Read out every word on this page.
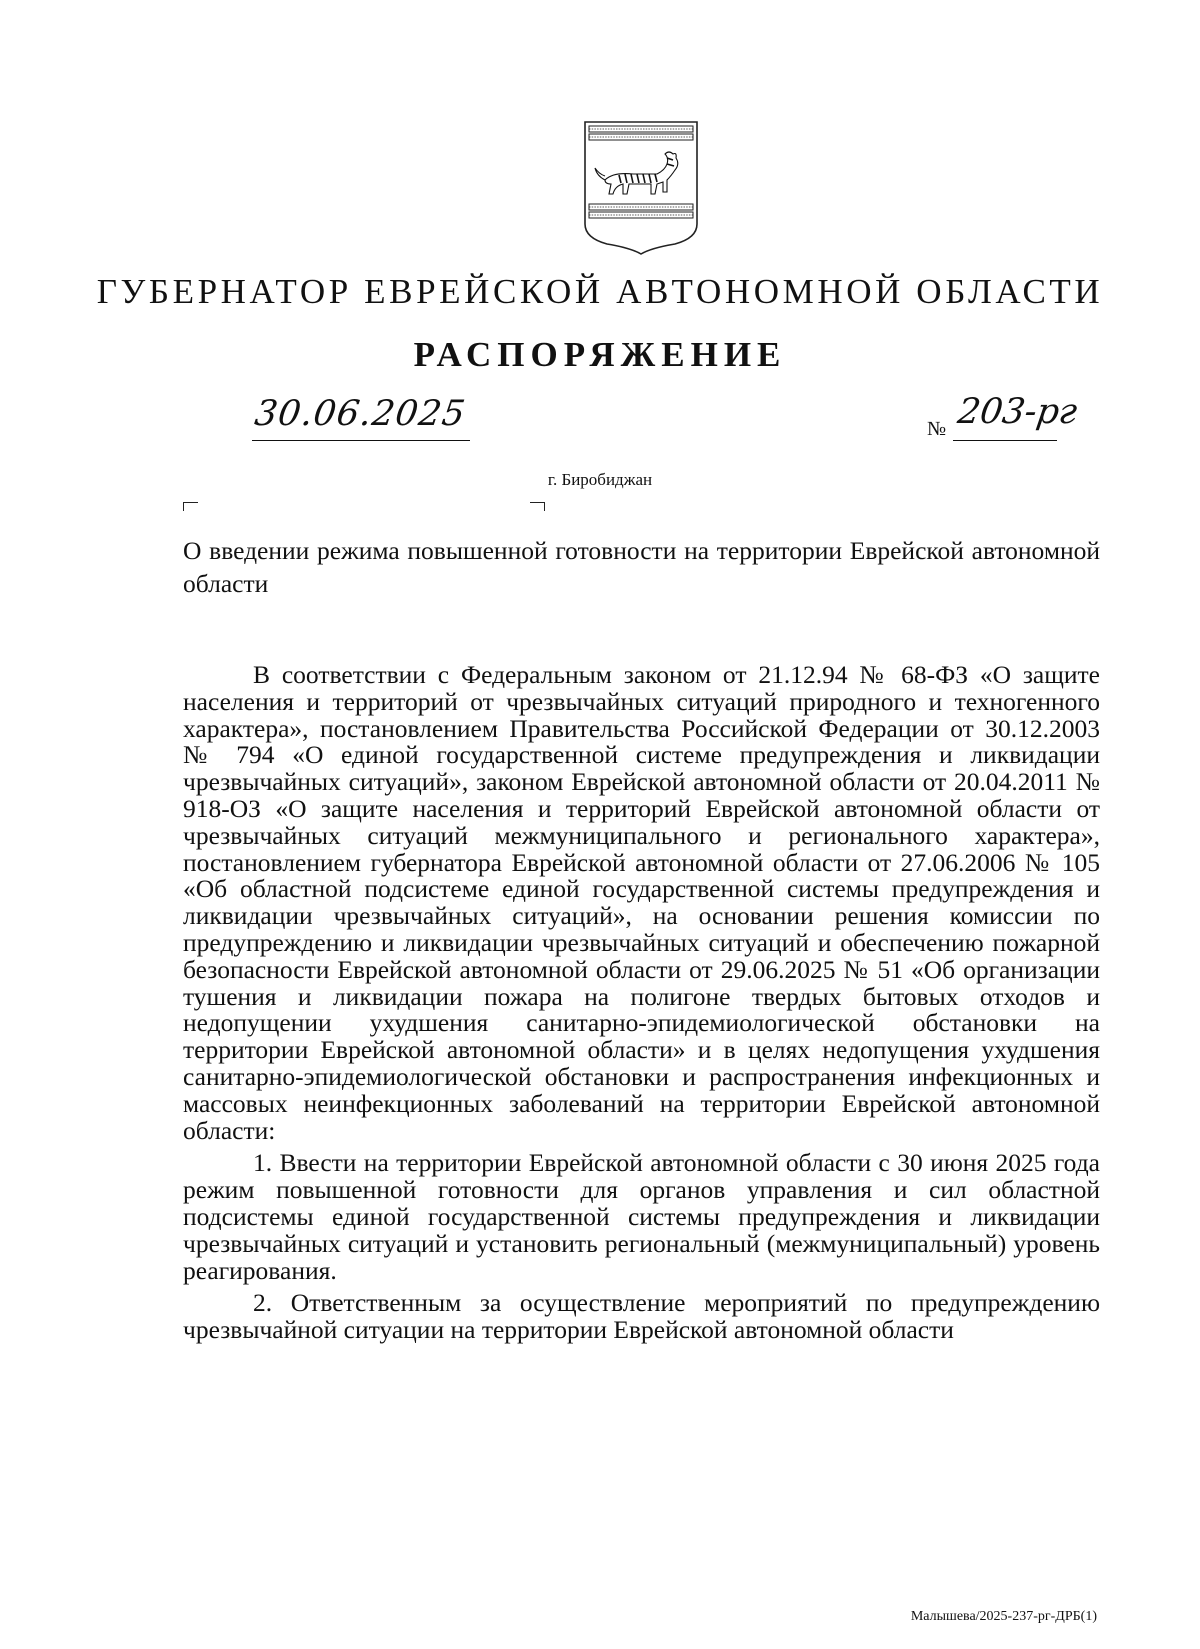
ГУБЕРНАТОР ЕВРЕЙСКОЙ АВТОНОМНОЙ ОБЛАСТИ
РАСПОРЯЖЕНИЕ
30.06.2025	№ 203-рг
г. Биробиджан
О введении режима повышенной готовности на территории Еврейской автономной области

В соответствии с Федеральным законом от 21.12.94 № 68-ФЗ «О защите населения и территорий от чрезвычайных ситуаций природного и техногенного характера», постановлением Правительства Российской Федерации от 30.12.2003 № 794 «О единой государственной системе предупреждения и ликвидации чрезвычайных ситуаций», законом Еврейской автономной области от 20.04.2011 № 918-ОЗ «О защите населения и территорий Еврейской автономной области от чрезвычайных ситуаций межмуниципального и регионального характера», постановлением губернатора Еврейской автономной области от 27.06.2006 № 105 «Об областной подсистеме единой государственной системы предупреждения и ликвидации чрезвычайных ситуаций», на основании решения комиссии по предупреждению и ликвидации чрезвычайных ситуаций и обеспечению пожарной безопасности Еврейской автономной области от 29.06.2025 № 51 «Об организации тушения и ликвидации пожара на полигоне твердых бытовых отходов и недопущении ухудшения санитарно-эпидемиологической обстановки на территории Еврейской автономной области» и в целях недопущения ухудшения санитарно-эпидемиологической обстановки и распространения инфекционных и массовых неинфекционных заболеваний на территории Еврейской автономной области:

1. Ввести на территории Еврейской автономной области с 30 июня 2025 года режим повышенной готовности для органов управления и сил областной подсистемы единой государственной системы предупреждения и ликвидации чрезвычайных ситуаций и установить региональный (межмуниципальный) уровень реагирования.

2. Ответственным за осуществление мероприятий по предупреждению чрезвычайной ситуации на территории Еврейской автономной области

Малышева/2025-237-рг-ДРБ(1)
